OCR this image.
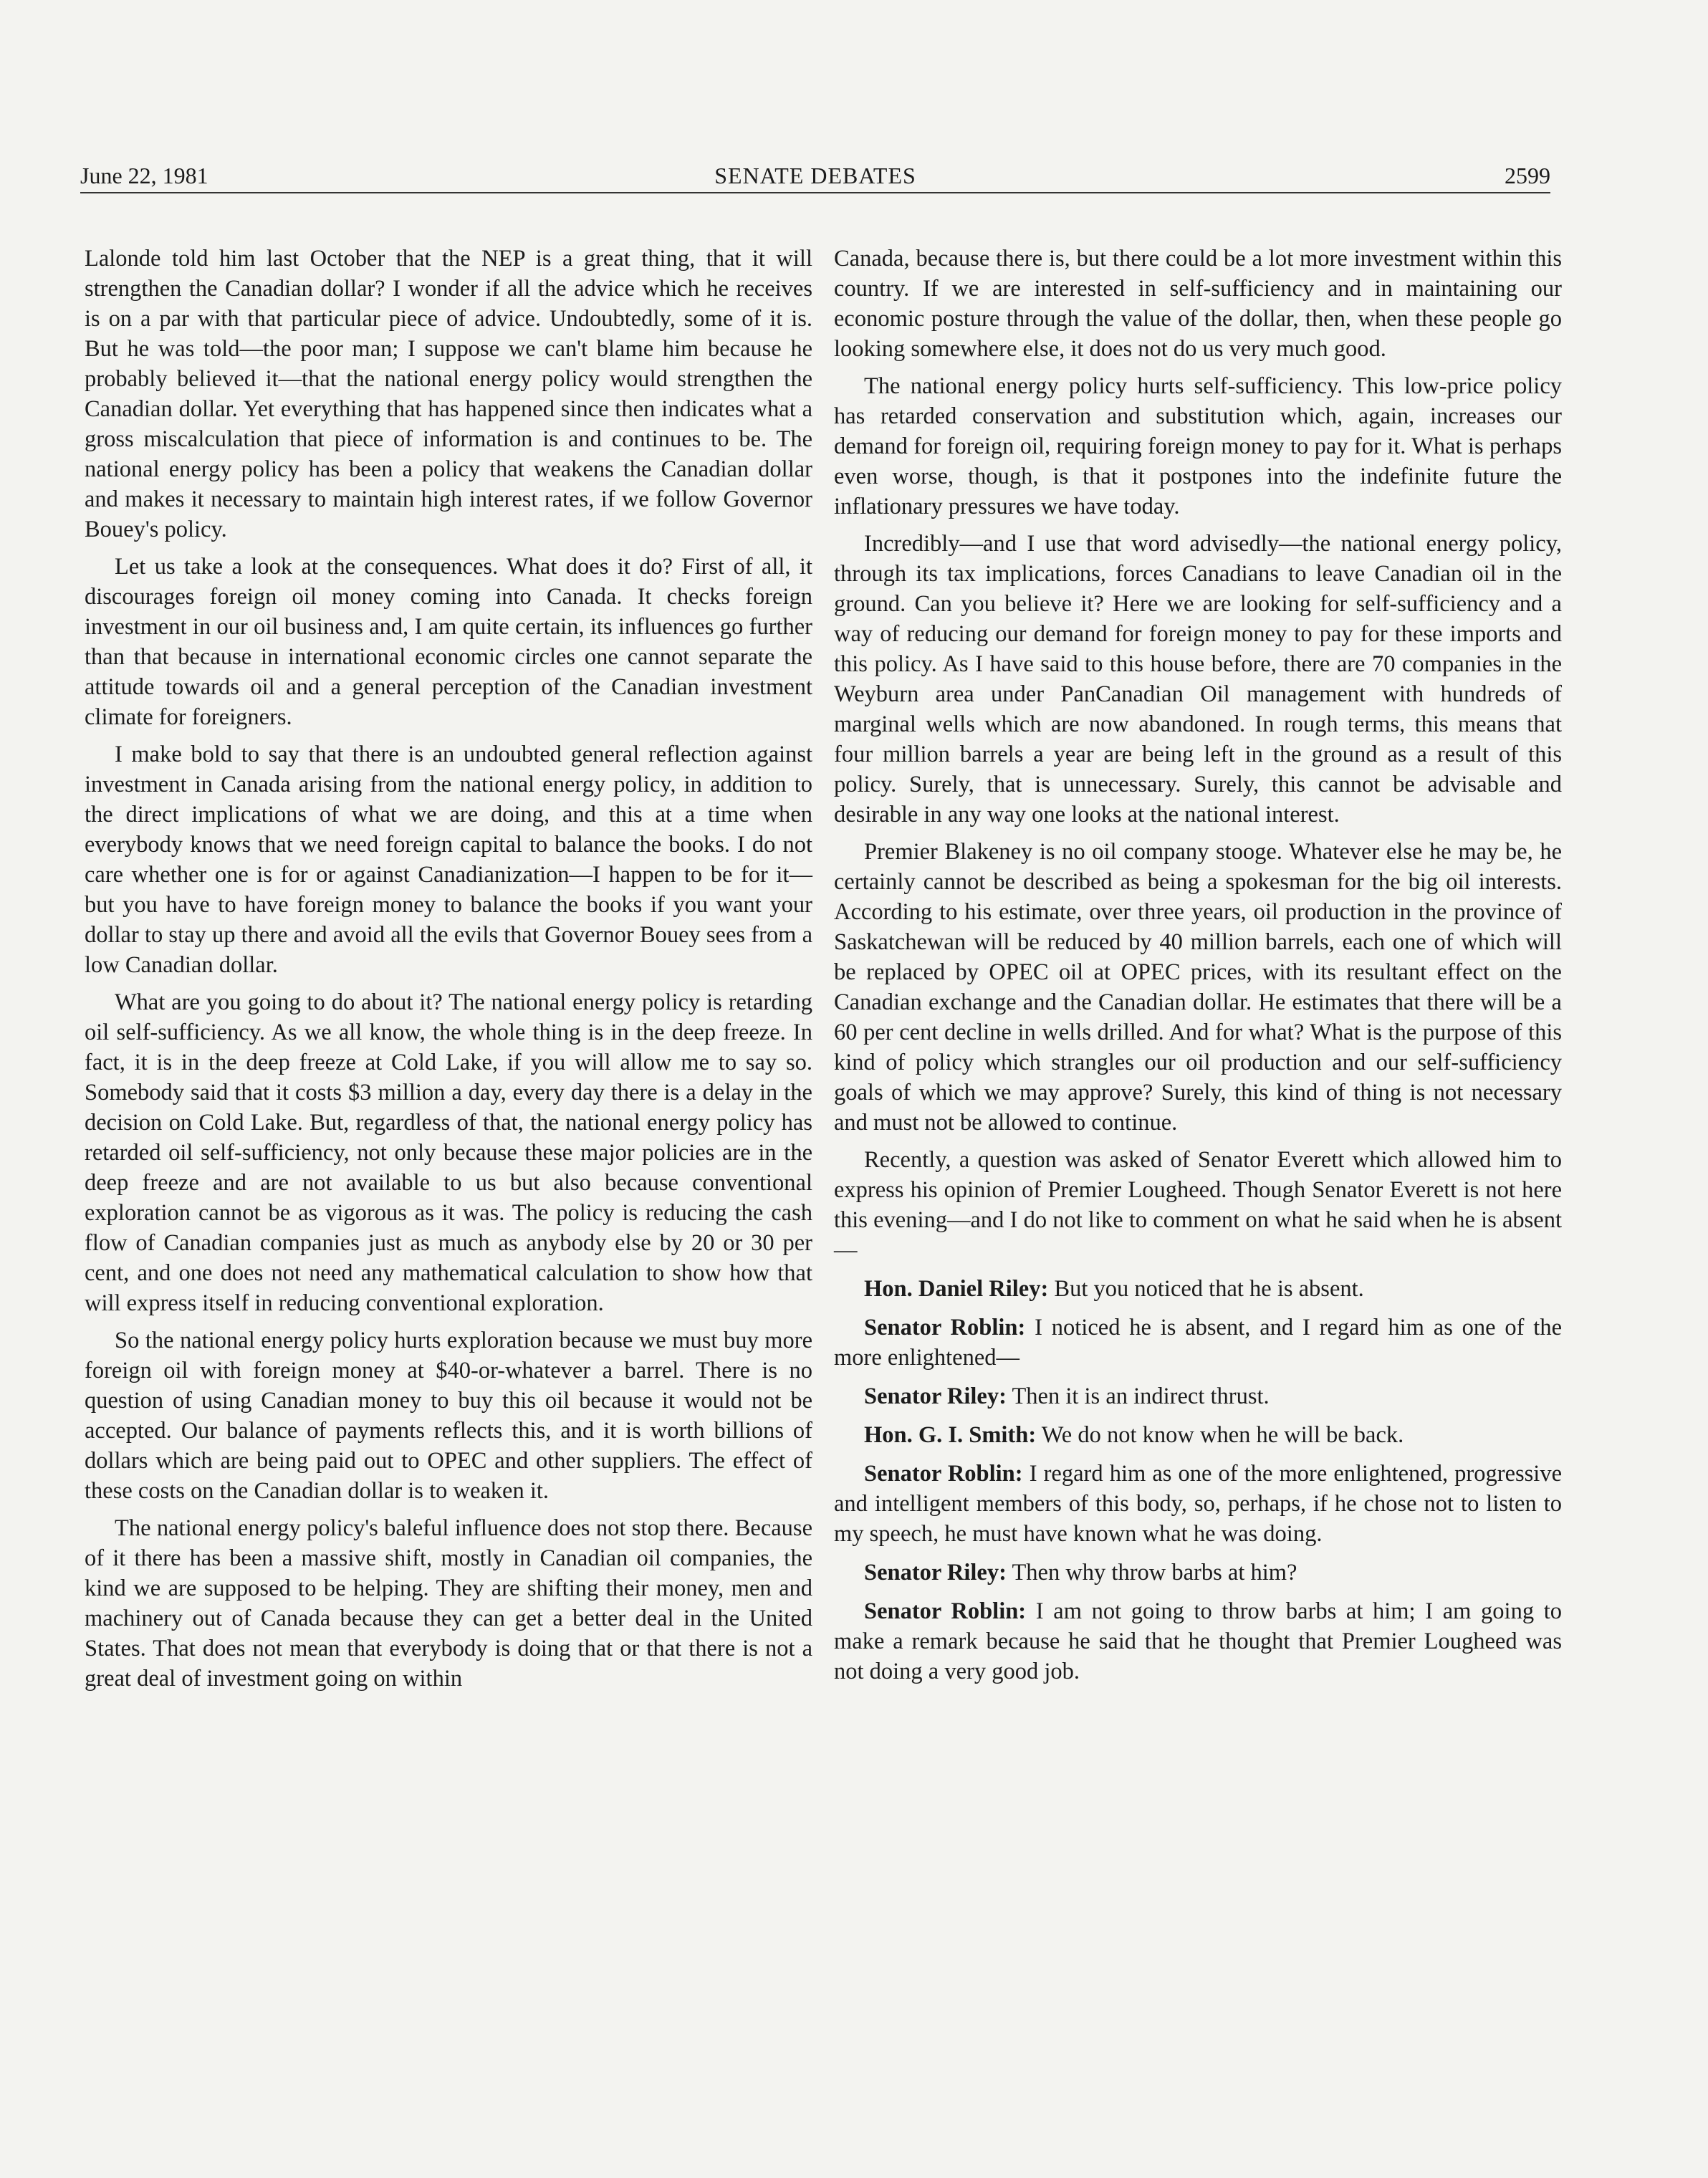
June 22, 1981	SENATE DEBATES	2599

Lalonde told him last October that the NEP is a great thing, that it will strengthen the Canadian dollar? I wonder if all the advice which he receives is on a par with that particular piece of advice. Undoubtedly, some of it is. But he was told—the poor man; I suppose we can't blame him because he probably believed it—that the national energy policy would strengthen the Canadian dollar. Yet everything that has happened since then indicates what a gross miscalculation that piece of information is and continues to be. The national energy policy has been a policy that weakens the Canadian dollar and makes it necessary to maintain high interest rates, if we follow Governor Bouey's policy.

Let us take a look at the consequences. What does it do? First of all, it discourages foreign oil money coming into Canada. It checks foreign investment in our oil business and, I am quite certain, its influences go further than that because in international economic circles one cannot separate the attitude towards oil and a general perception of the Canadian investment climate for foreigners.

I make bold to say that there is an undoubted general reflection against investment in Canada arising from the national energy policy, in addition to the direct implications of what we are doing, and this at a time when everybody knows that we need foreign capital to balance the books. I do not care whether one is for or against Canadianization—I happen to be for it—but you have to have foreign money to balance the books if you want your dollar to stay up there and avoid all the evils that Governor Bouey sees from a low Canadian dollar.

What are you going to do about it? The national energy policy is retarding oil self-sufficiency. As we all know, the whole thing is in the deep freeze. In fact, it is in the deep freeze at Cold Lake, if you will allow me to say so. Somebody said that it costs $3 million a day, every day there is a delay in the decision on Cold Lake. But, regardless of that, the national energy policy has retarded oil self-sufficiency, not only because these major policies are in the deep freeze and are not available to us but also because conventional exploration cannot be as vigorous as it was. The policy is reducing the cash flow of Canadian companies just as much as anybody else by 20 or 30 per cent, and one does not need any mathematical calculation to show how that will express itself in reducing conventional exploration.

So the national energy policy hurts exploration because we must buy more foreign oil with foreign money at $40-or-whatever a barrel. There is no question of using Canadian money to buy this oil because it would not be accepted. Our balance of payments reflects this, and it is worth billions of dollars which are being paid out to OPEC and other suppliers. The effect of these costs on the Canadian dollar is to weaken it.

The national energy policy's baleful influence does not stop there. Because of it there has been a massive shift, mostly in Canadian oil companies, the kind we are supposed to be helping. They are shifting their money, men and machinery out of Canada because they can get a better deal in the United States. That does not mean that everybody is doing that or that there is not a great deal of investment going on within

Canada, because there is, but there could be a lot more investment within this country. If we are interested in self-sufficiency and in maintaining our economic posture through the value of the dollar, then, when these people go looking somewhere else, it does not do us very much good.

The national energy policy hurts self-sufficiency. This low-price policy has retarded conservation and substitution which, again, increases our demand for foreign oil, requiring foreign money to pay for it. What is perhaps even worse, though, is that it postpones into the indefinite future the inflationary pressures we have today.

Incredibly—and I use that word advisedly—the national energy policy, through its tax implications, forces Canadians to leave Canadian oil in the ground. Can you believe it? Here we are looking for self-sufficiency and a way of reducing our demand for foreign money to pay for these imports and this policy. As I have said to this house before, there are 70 companies in the Weyburn area under PanCanadian Oil management with hundreds of marginal wells which are now abandoned. In rough terms, this means that four million barrels a year are being left in the ground as a result of this policy. Surely, that is unnecessary. Surely, this cannot be advisable and desirable in any way one looks at the national interest.

Premier Blakeney is no oil company stooge. Whatever else he may be, he certainly cannot be described as being a spokesman for the big oil interests. According to his estimate, over three years, oil production in the province of Saskatchewan will be reduced by 40 million barrels, each one of which will be replaced by OPEC oil at OPEC prices, with its resultant effect on the Canadian exchange and the Canadian dollar. He estimates that there will be a 60 per cent decline in wells drilled. And for what? What is the purpose of this kind of policy which strangles our oil production and our self-sufficiency goals of which we may approve? Surely, this kind of thing is not necessary and must not be allowed to continue.

Recently, a question was asked of Senator Everett which allowed him to express his opinion of Premier Lougheed. Though Senator Everett is not here this evening—and I do not like to comment on what he said when he is absent—

Hon. Daniel Riley: But you noticed that he is absent.

Senator Roblin: I noticed he is absent, and I regard him as one of the more enlightened—

Senator Riley: Then it is an indirect thrust.

Hon. G. I. Smith: We do not know when he will be back.

Senator Roblin: I regard him as one of the more enlightened, progressive and intelligent members of this body, so, perhaps, if he chose not to listen to my speech, he must have known what he was doing.

Senator Riley: Then why throw barbs at him?

Senator Roblin: I am not going to throw barbs at him; I am going to make a remark because he said that he thought that Premier Lougheed was not doing a very good job.
